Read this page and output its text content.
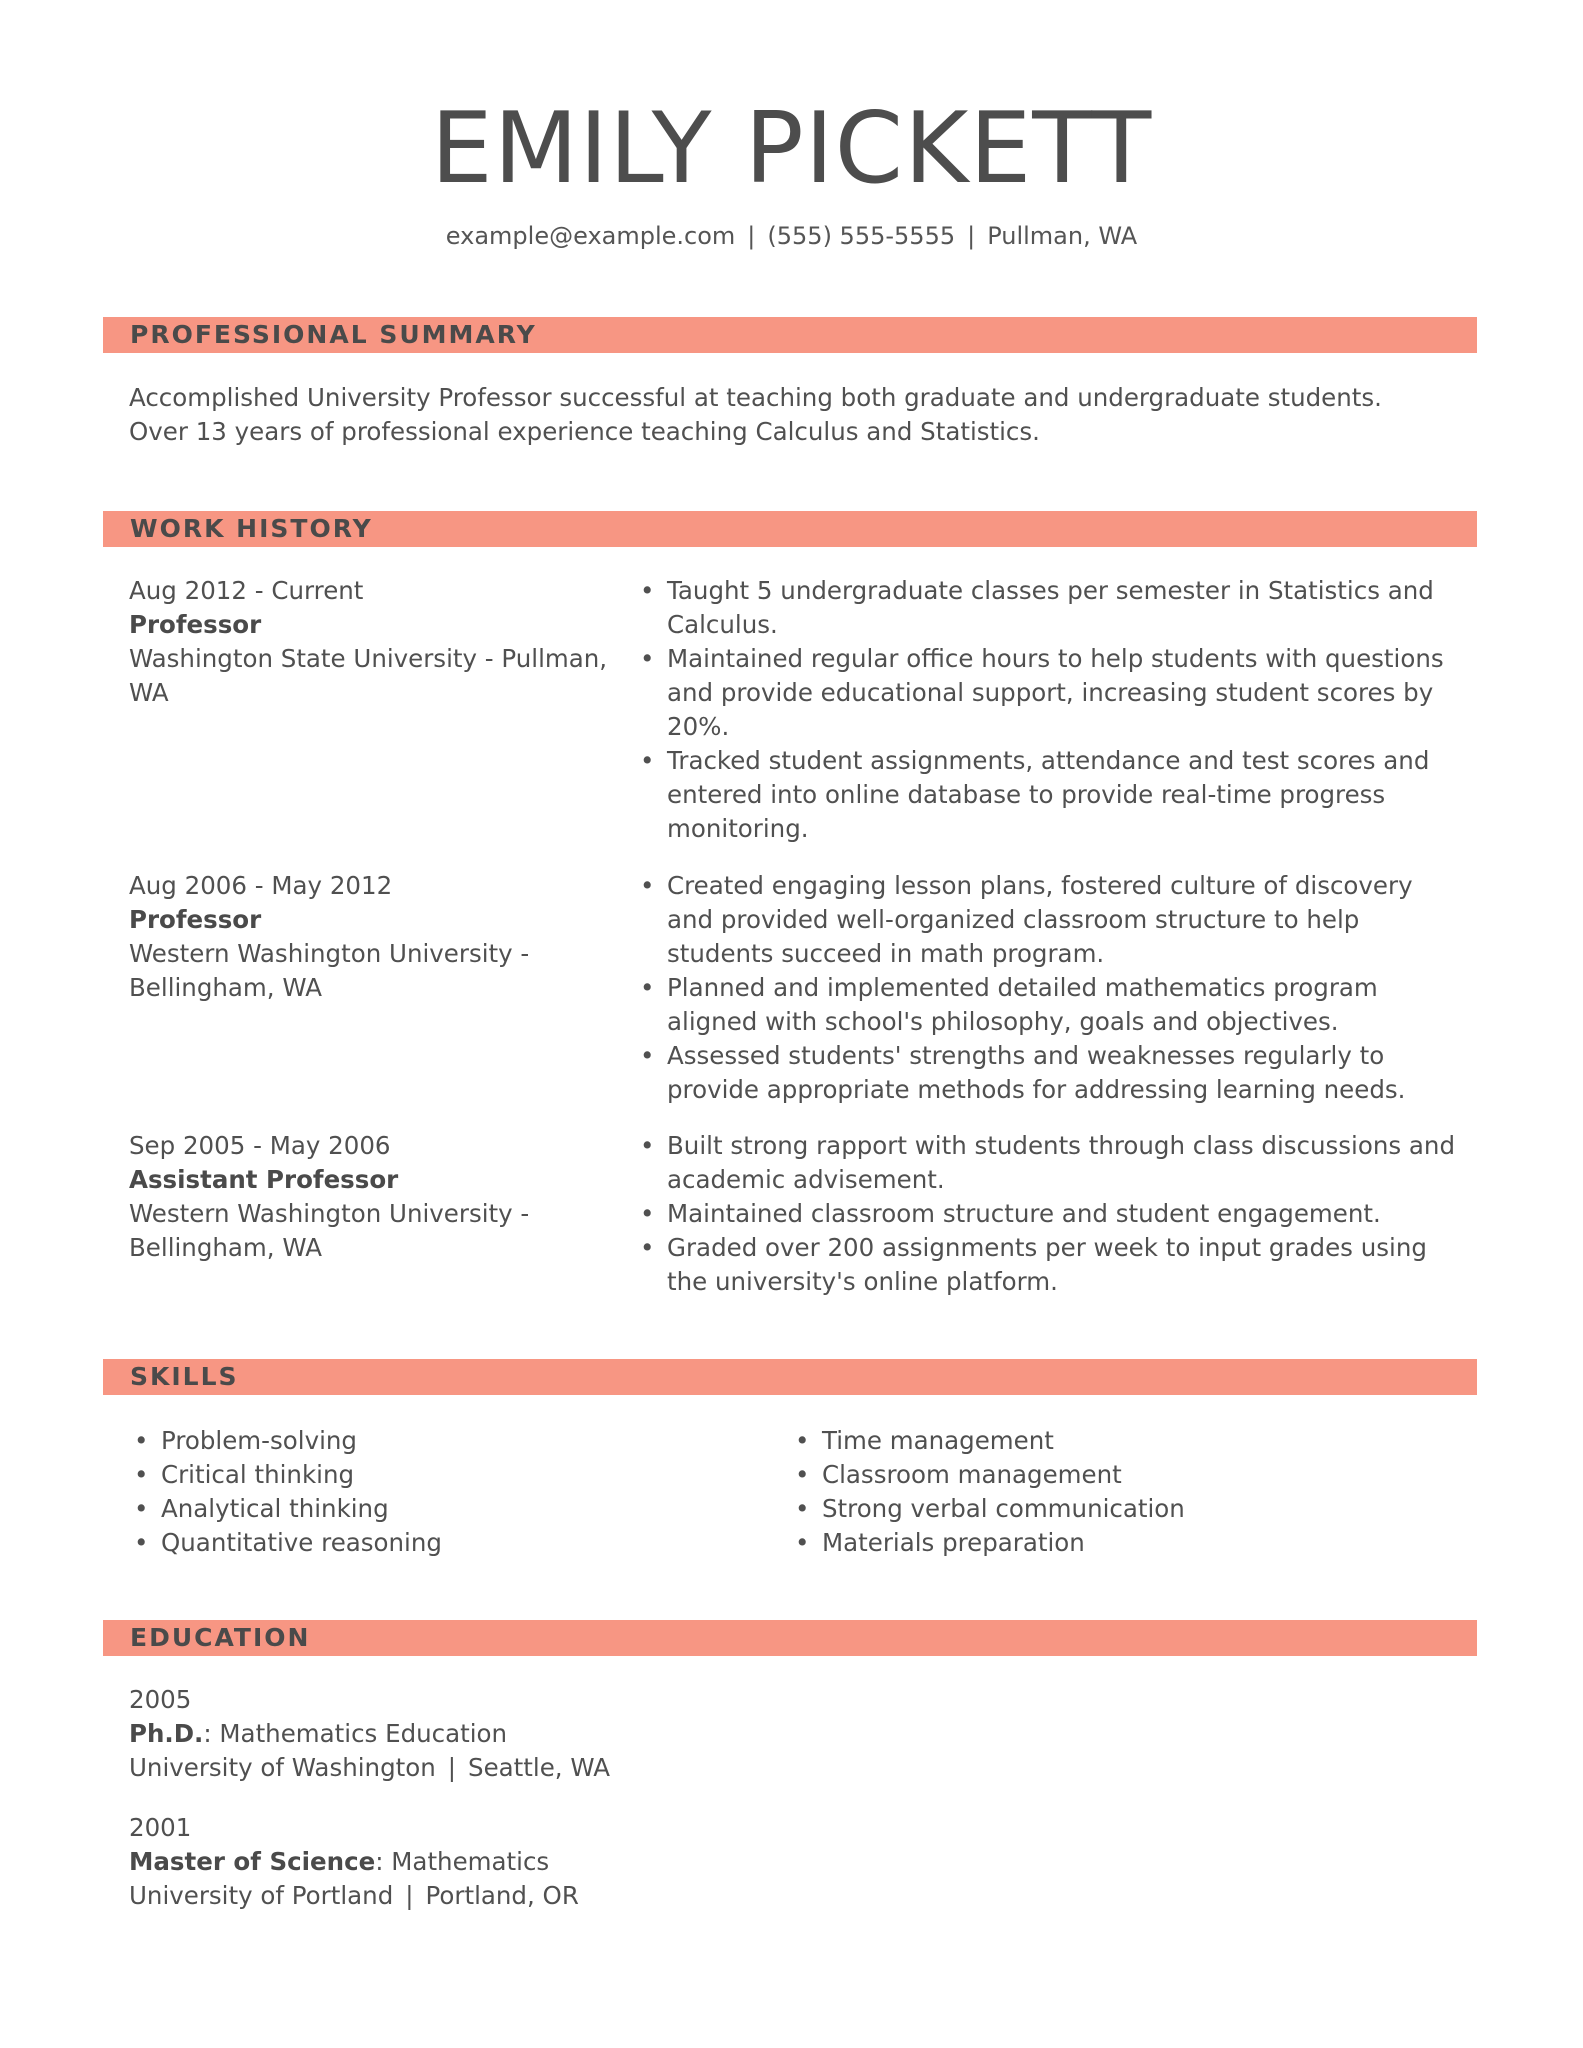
EMILY PICKETT
example@example.com | (555) 555-5555 | Pullman, WA
PROFESSIONAL SUMMARY
Accomplished University Professor successful at teaching both graduate and undergraduate students.
Over 13 years of professional experience teaching Calculus and Statistics.
WORK HISTORY
Aug 2012 - Current
Professor
Washington State University - Pullman,
WA
• Taught 5 undergraduate classes per semester in Statistics and Calculus.
• Maintained regular office hours to help students with questions and provide educational support, increasing student scores by 20%.
• Tracked student assignments, attendance and test scores and entered into online database to provide real-time progress monitoring.
Aug 2006 - May 2012
Professor
Western Washington University -
Bellingham, WA
• Created engaging lesson plans, fostered culture of discovery and provided well-organized classroom structure to help students succeed in math program.
• Planned and implemented detailed mathematics program aligned with school's philosophy, goals and objectives.
• Assessed students' strengths and weaknesses regularly to provide appropriate methods for addressing learning needs.
Sep 2005 - May 2006
Assistant Professor
Western Washington University -
Bellingham, WA
• Built strong rapport with students through class discussions and academic advisement.
• Maintained classroom structure and student engagement.
• Graded over 200 assignments per week to input grades using the university's online platform.
SKILLS
• Problem-solving
• Critical thinking
• Analytical thinking
• Quantitative reasoning
• Time management
• Classroom management
• Strong verbal communication
• Materials preparation
EDUCATION
2005
Ph.D.: Mathematics Education
University of Washington | Seattle, WA
2001
Master of Science: Mathematics
University of Portland | Portland, OR
